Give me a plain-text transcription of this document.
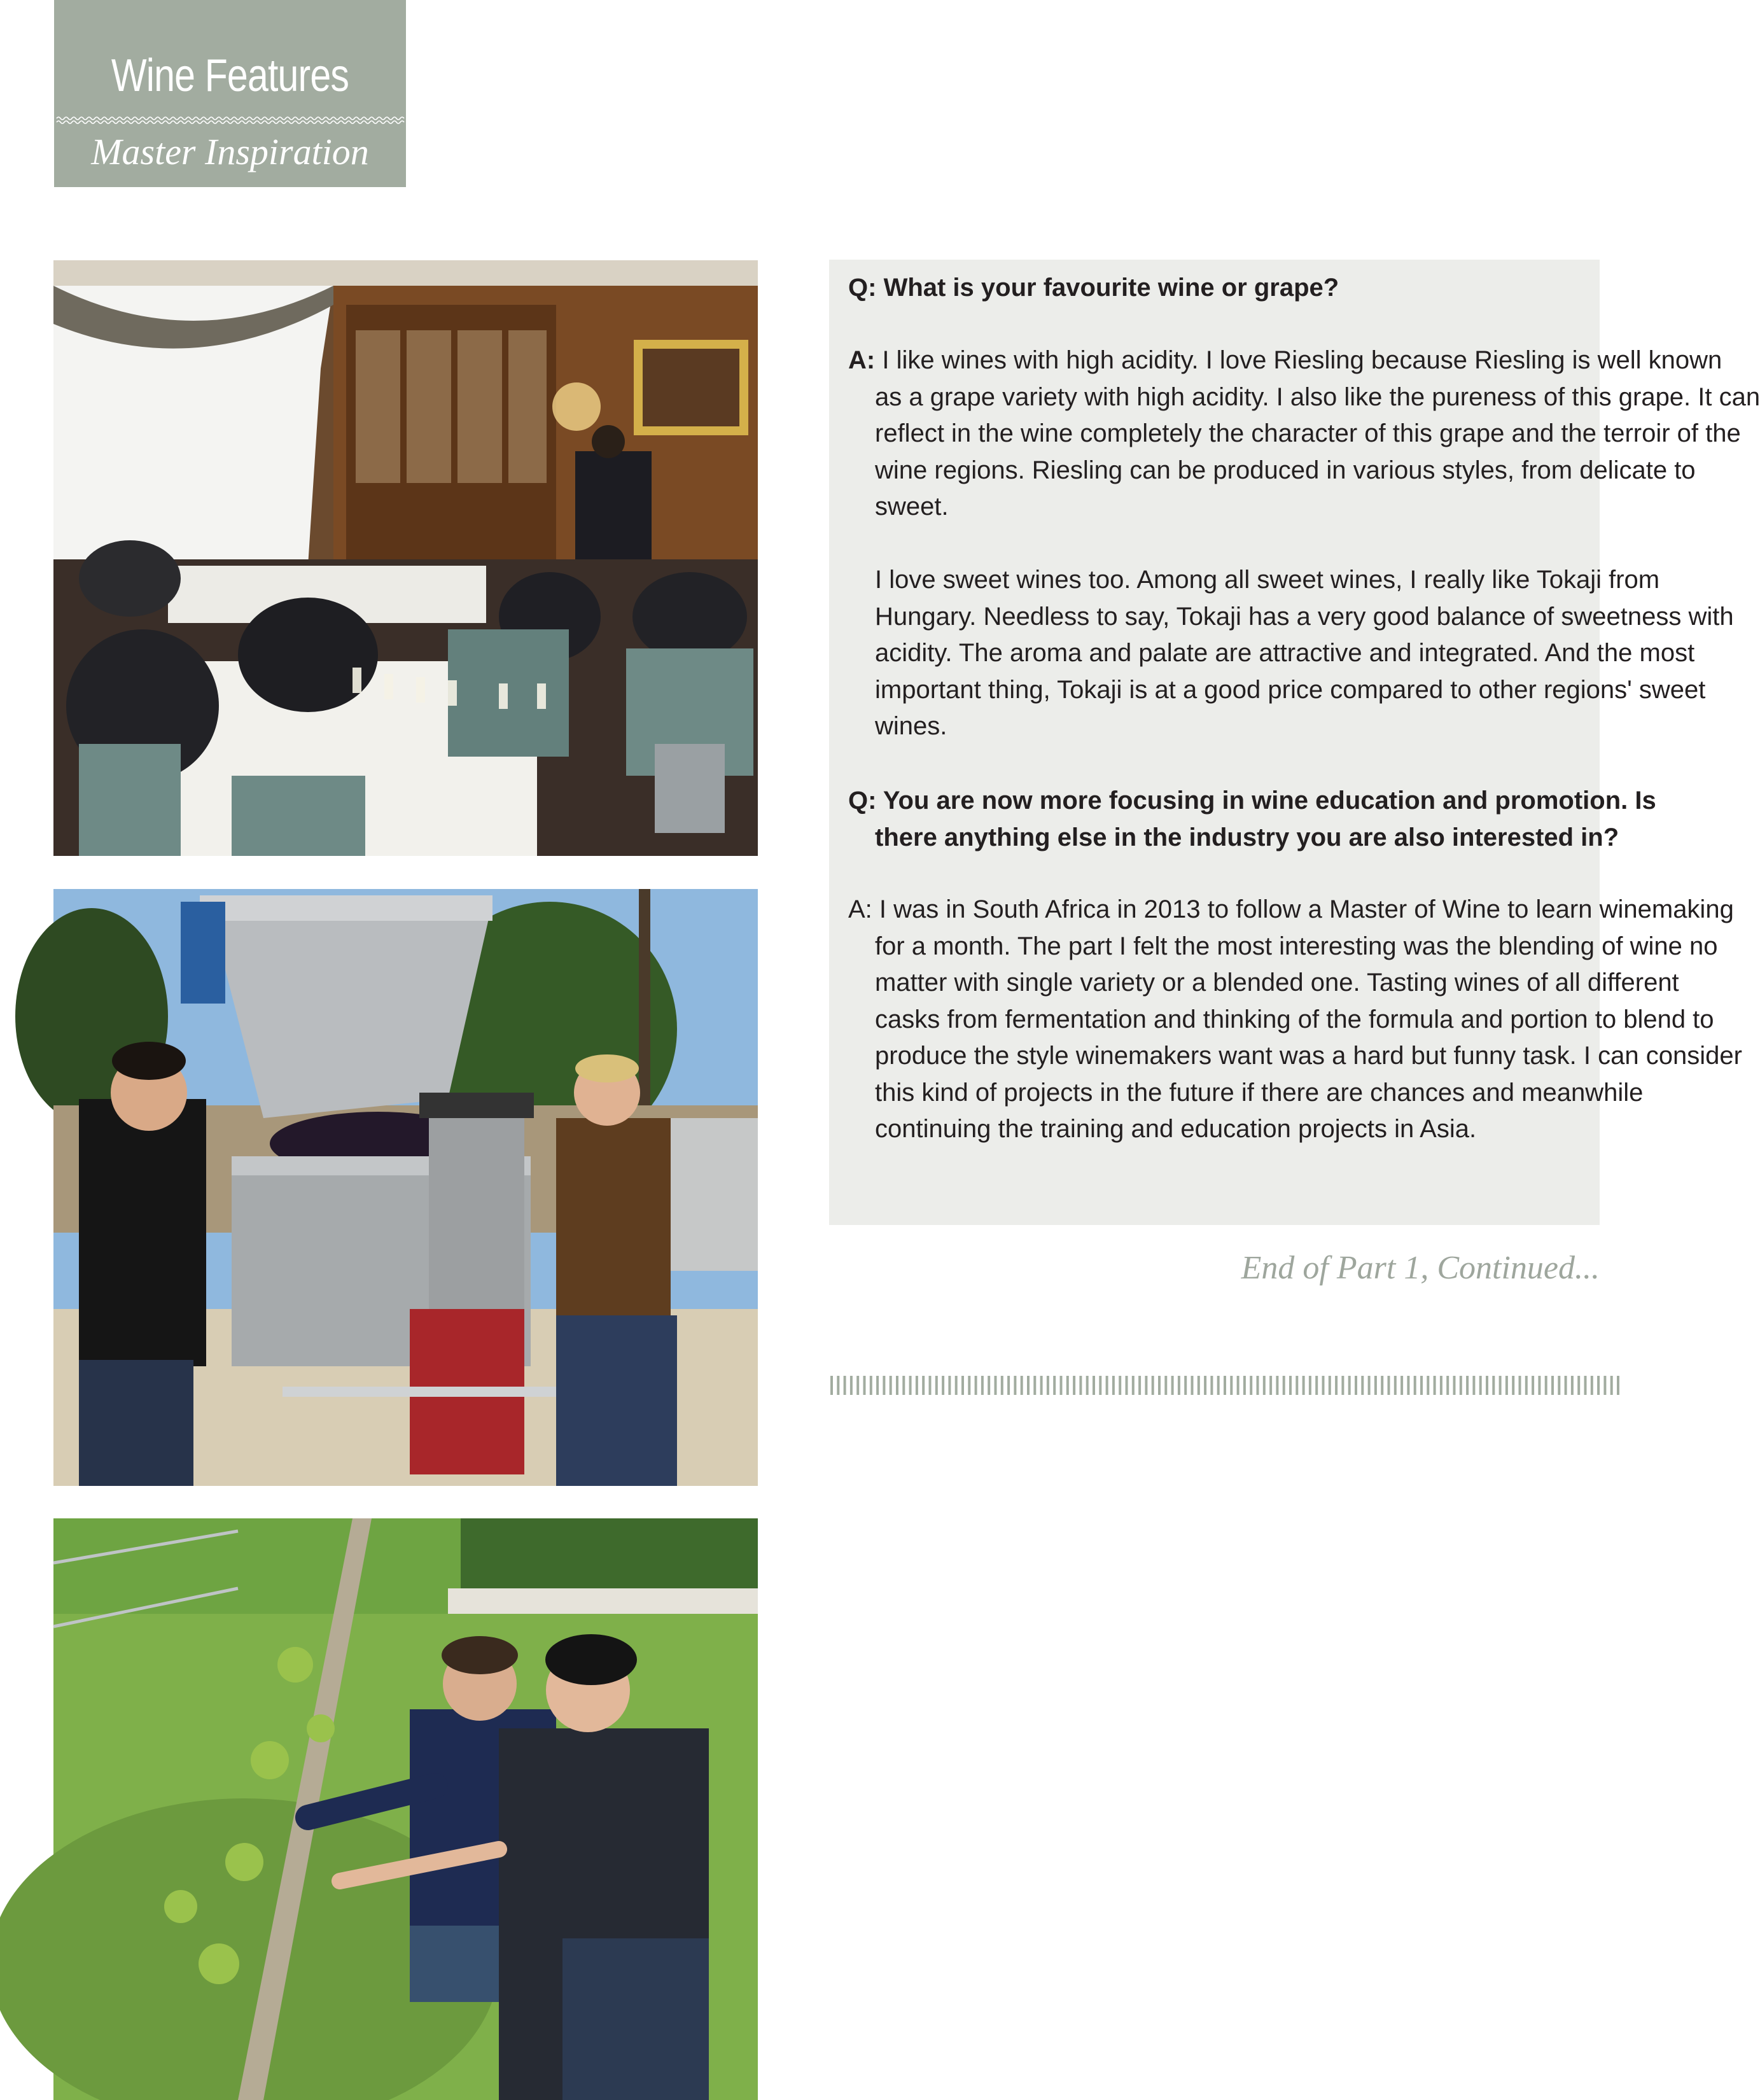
Wine Features
Master Inspiration
Q: What is your favourite wine or grape?
A: I like wines with high acidity. I love Riesling because Riesling is well known
as a grape variety with high acidity. I also like the pureness of this grape. It can
reflect in the wine completely the character of this grape and the terroir of the
wine regions. Riesling can be produced in various styles, from delicate to
sweet.
I love sweet wines too. Among all sweet wines, I really like Tokaji from
Hungary. Needless to say, Tokaji has a very good balance of sweetness with
acidity. The aroma and palate are attractive and integrated. And the most
important thing, Tokaji is at a good price compared to other regions' sweet
wines.
Q: You are now more focusing in wine education and promotion. Is
there anything else in the industry you are also interested in?
A: I was in South Africa in 2013 to follow a Master of Wine to learn winemaking
for a month. The part I felt the most interesting was the blending of wine no
matter with single variety or a blended one. Tasting wines of all different
casks from fermentation and thinking of the formula and portion to blend to
produce the style winemakers want was a hard but funny task. I can consider
this kind of projects in the future if there are chances and meanwhile
continuing the training and education projects in Asia.
End of Part 1, Continued...
